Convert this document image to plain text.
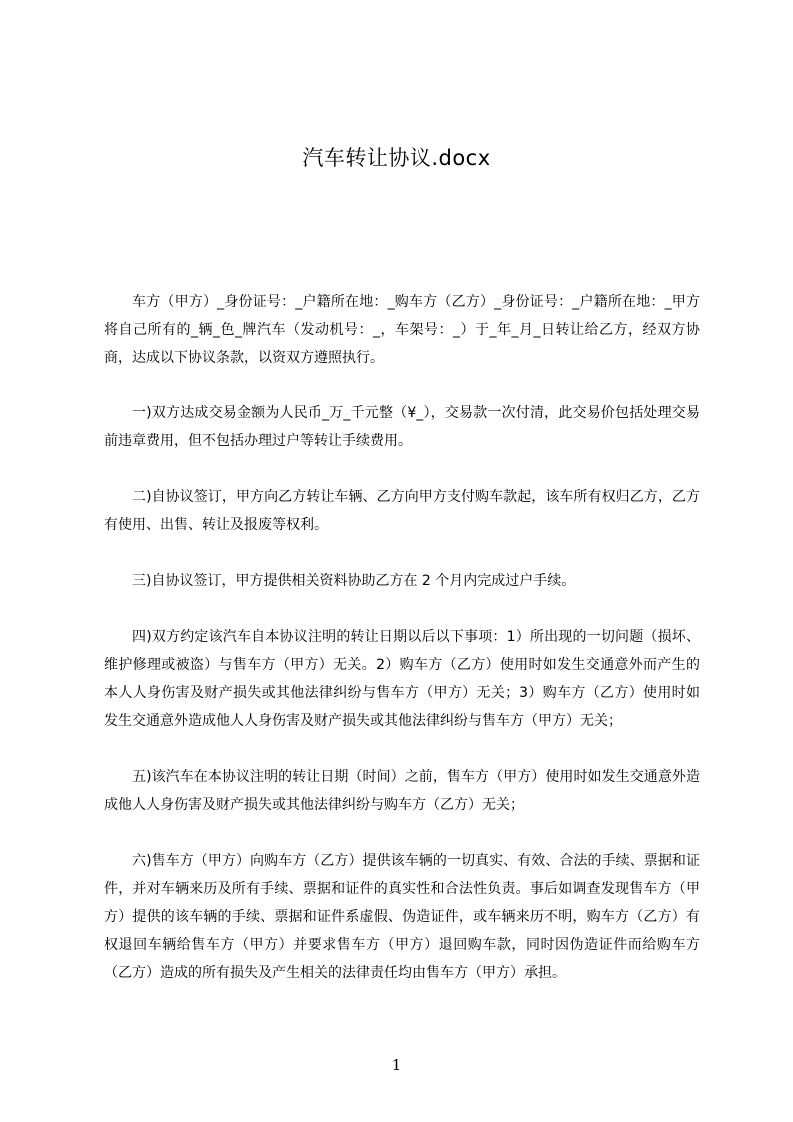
汽车转让协议.docx

车方（甲方）_身份证号：_户籍所在地：_购车方（乙方）_身份证号：_户籍所在地：_甲方将自己所有的_辆_色_牌汽车（发动机号：_，车架号：_）于_年_月_日转让给乙方，经双方协商，达成以下协议条款，以资双方遵照执行。

一)双方达成交易金额为人民币_万_千元整（¥_），交易款一次付清，此交易价包括处理交易前违章费用，但不包括办理过户等转让手续费用。

二)自协议签订，甲方向乙方转让车辆、乙方向甲方支付购车款起，该车所有权归乙方，乙方有使用、出售、转让及报废等权利。

三)自协议签订，甲方提供相关资料协助乙方在 2 个月内完成过户手续。

四)双方约定该汽车自本协议注明的转让日期以后以下事项：1）所出现的一切问题（损坏、维护修理或被盗）与售车方（甲方）无关。2）购车方（乙方）使用时如发生交通意外而产生的本人人身伤害及财产损失或其他法律纠纷与售车方（甲方）无关；3）购车方（乙方）使用时如发生交通意外造成他人人身伤害及财产损失或其他法律纠纷与售车方（甲方）无关；

五)该汽车在本协议注明的转让日期（时间）之前，售车方（甲方）使用时如发生交通意外造成他人人身伤害及财产损失或其他法律纠纷与购车方（乙方）无关；

六)售车方（甲方）向购车方（乙方）提供该车辆的一切真实、有效、合法的手续、票据和证件，并对车辆来历及所有手续、票据和证件的真实性和合法性负责。事后如调查发现售车方（甲方）提供的该车辆的手续、票据和证件系虚假、伪造证件，或车辆来历不明，购车方（乙方）有权退回车辆给售车方（甲方）并要求售车方（甲方）退回购车款，同时因伪造证件而给购车方（乙方）造成的所有损失及产生相关的法律责任均由售车方（甲方）承担。

1
